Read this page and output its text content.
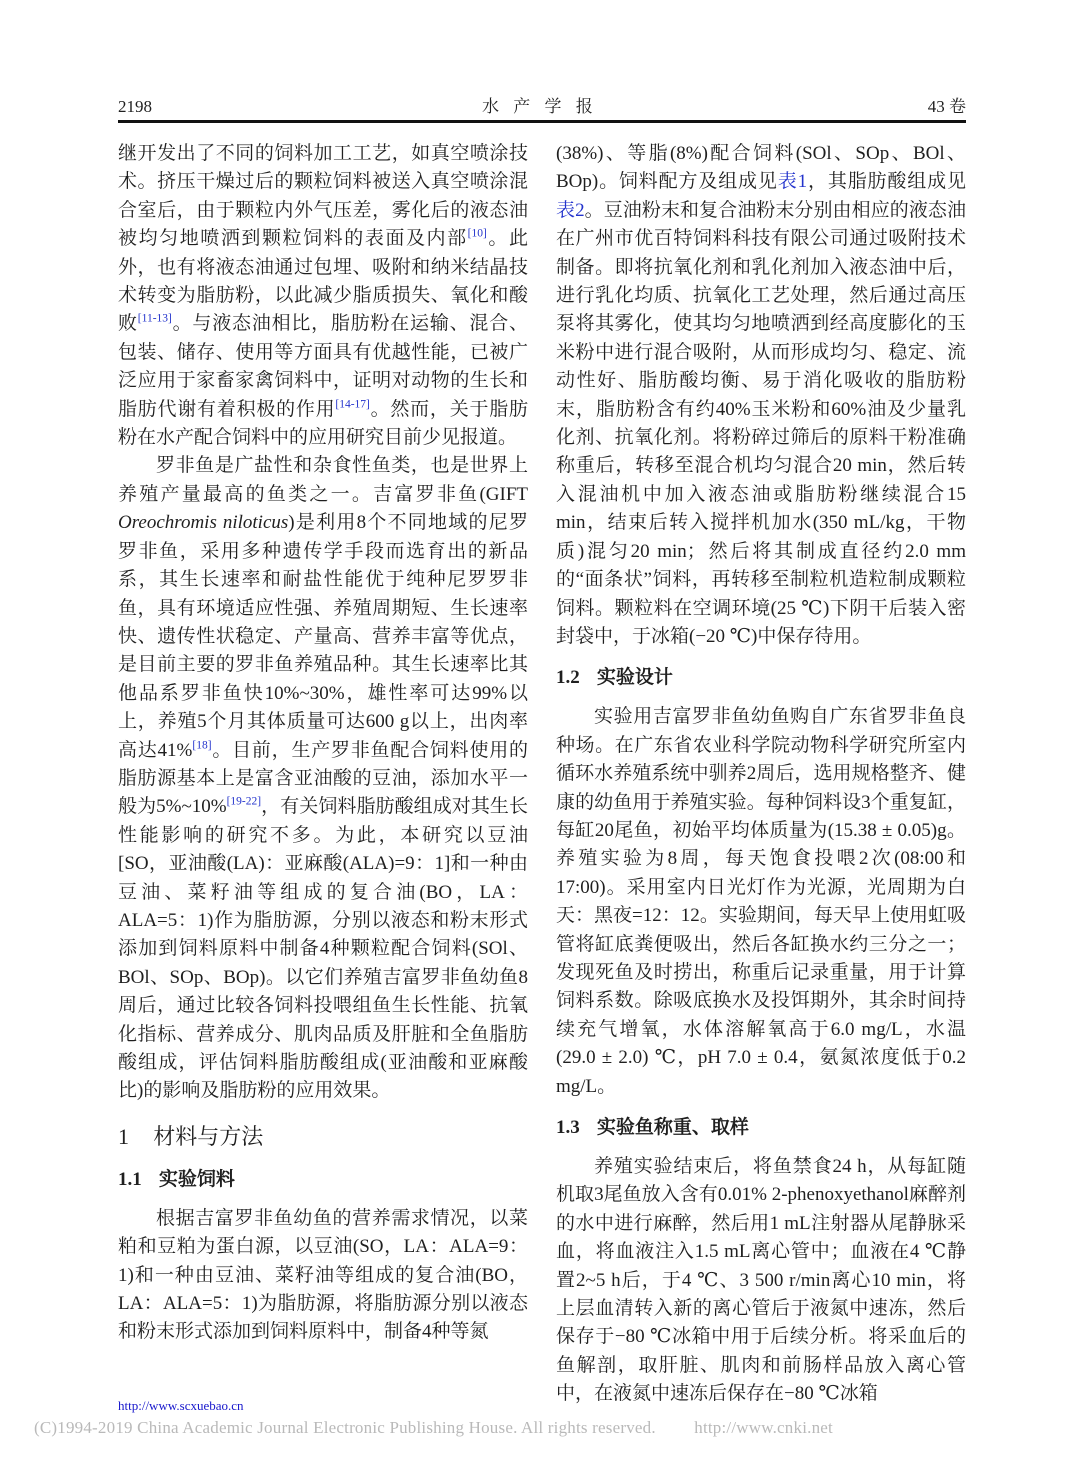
2198	水 产 学 报	43 卷

继开发出了不同的饲料加工工艺，如真空喷涂技术。挤压干燥过后的颗粒饲料被送入真空喷涂混合室后，由于颗粒内外气压差，雾化后的液态油被均匀地喷洒到颗粒饲料的表面及内部[10]。此外，也有将液态油通过包埋、吸附和纳米结晶技术转变为脂肪粉，以此减少脂质损失、氧化和酸败[11-13]。与液态油相比，脂肪粉在运输、混合、包装、储存、使用等方面具有优越性能，已被广泛应用于家畜家禽饲料中，证明对动物的生长和脂肪代谢有着积极的作用[14-17]。然而，关于脂肪粉在水产配合饲料中的应用研究目前少见报道。

罗非鱼是广盐性和杂食性鱼类，也是世界上养殖产量最高的鱼类之一。吉富罗非鱼(GIFT Oreochromis niloticus)是利用8个不同地域的尼罗罗非鱼，采用多种遗传学手段而选育出的新品系，其生长速率和耐盐性能优于纯种尼罗罗非鱼，具有环境适应性强、养殖周期短、生长速率快、遗传性状稳定、产量高、营养丰富等优点，是目前主要的罗非鱼养殖品种。其生长速率比其他品系罗非鱼快10%~30%，雄性率可达99%以上，养殖5个月其体质量可达600 g以上，出肉率高达41%[18]。目前，生产罗非鱼配合饲料使用的脂肪源基本上是富含亚油酸的豆油，添加水平一般为5%~10%[19-22]，有关饲料脂肪酸组成对其生长性能影响的研究不多。为此，本研究以豆油[SO，亚油酸(LA)：亚麻酸(ALA)=9：1]和一种由豆油、菜籽油等组成的复合油(BO，LA：ALA=5：1)作为脂肪源，分别以液态和粉末形式添加到饲料原料中制备4种颗粒配合饲料(SOl、BOl、SOp、BOp)。以它们养殖吉富罗非鱼幼鱼8周后，通过比较各饲料投喂组鱼生长性能、抗氧化指标、营养成分、肌肉品质及肝脏和全鱼脂肪酸组成，评估饲料脂肪酸组成(亚油酸和亚麻酸比)的影响及脂肪粉的应用效果。

1 材料与方法
1.1 实验饲料

根据吉富罗非鱼幼鱼的营养需求情况，以菜粕和豆粕为蛋白源，以豆油(SO，LA：ALA=9：1)和一种由豆油、菜籽油等组成的复合油(BO，LA：ALA=5：1)为脂肪源，将脂肪源分别以液态和粉末形式添加到饲料原料中，制备4种等氮

(38%)、等脂(8%)配合饲料(SOl、SOp、BOl、BOp)。饲料配方及组成见表1，其脂肪酸组成见表2。豆油粉末和复合油粉末分别由相应的液态油在广州市优百特饲料科技有限公司通过吸附技术制备。即将抗氧化剂和乳化剂加入液态油中后，进行乳化均质、抗氧化工艺处理，然后通过高压泵将其雾化，使其均匀地喷洒到经高度膨化的玉米粉中进行混合吸附，从而形成均匀、稳定、流动性好、脂肪酸均衡、易于消化吸收的脂肪粉末，脂肪粉含有约40%玉米粉和60%油及少量乳化剂、抗氧化剂。将粉碎过筛后的原料干粉准确称重后，转移至混合机均匀混合20 min，然后转入混油机中加入液态油或脂肪粉继续混合15 min，结束后转入搅拌机加水(350 mL/kg，干物质)混匀20 min；然后将其制成直径约2.0 mm的“面条状”饲料，再转移至制粒机造粒制成颗粒饲料。颗粒料在空调环境(25 ℃)下阴干后装入密封袋中，于冰箱(−20 ℃)中保存待用。

1.2 实验设计

实验用吉富罗非鱼幼鱼购自广东省罗非鱼良种场。在广东省农业科学院动物科学研究所室内循环水养殖系统中驯养2周后，选用规格整齐、健康的幼鱼用于养殖实验。每种饲料设3个重复缸，每缸20尾鱼，初始平均体质量为(15.38 ± 0.05)g。养殖实验为8周，每天饱食投喂2次(08:00和17:00)。采用室内日光灯作为光源，光周期为白天：黑夜=12：12。实验期间，每天早上使用虹吸管将缸底粪便吸出，然后各缸换水约三分之一；发现死鱼及时捞出，称重后记录重量，用于计算饲料系数。除吸底换水及投饵期外，其余时间持续充气增氧，水体溶解氧高于6.0 mg/L，水温(29.0 ± 2.0) ℃，pH 7.0 ± 0.4，氨氮浓度低于0.2 mg/L。

1.3 实验鱼称重、取样

养殖实验结束后，将鱼禁食24 h，从每缸随机取3尾鱼放入含有0.01% 2-phenoxyethanol麻醉剂的水中进行麻醉，然后用1 mL注射器从尾静脉采血，将血液注入1.5 mL离心管中；血液在4 ℃静置2~5 h后，于4 ℃、3 500 r/min离心10 min，将上层血清转入新的离心管后于液氮中速冻，然后保存于−80 ℃冰箱中用于后续分析。将采血后的鱼解剖，取肝脏、肌肉和前肠样品放入离心管中，在液氮中速冻后保存在−80 ℃冰箱

http://www.scxuebao.cn
(C)1994-2019 China Academic Journal Electronic Publishing House. All rights reserved. http://www.cnki.net
